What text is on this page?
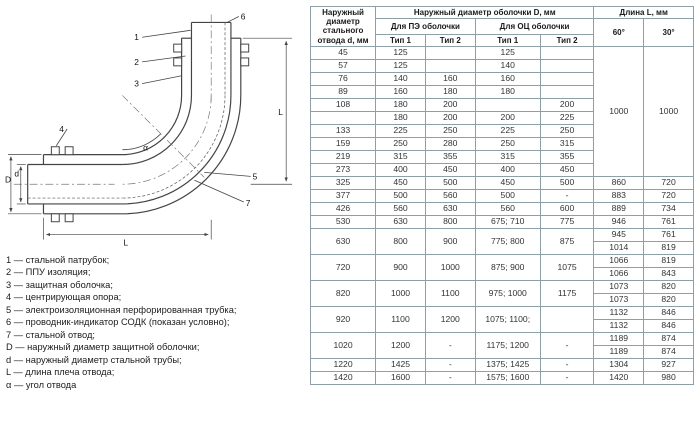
1
2
3
4
5
6
7
D
d
L
L
α
1 — стальной патрубок;
2 — ППУ изоляция;
3 — защитная оболочка;
4 — центрирующая опора;
5 — электроизоляционная перфорированная трубка;
6 — проводник-индикатор СОДК (показан условно);
7 — стальной отвод;
D — наружный диаметр защитной оболочки;
d — наружный диаметр стальной трубы;
L — длина плеча отвода;
α — угол отвода
Наружный диаметр стального отвода d, мм	Наружный диаметр оболочки D, мм				Длина L, мм	
	Для ПЭ оболочки		Для ОЦ оболочки		60°	30°
	Тип 1	Тип 2	Тип 1	Тип 2		
45	125		125		1000	1000
57	125		140			
76	140	160	160			
89	160	180	180			
108	180	200		200		
	180	200	200	225		
133	225	250	225	250		
159	250	280	250	315		
219	315	355	315	355		
273	400	450	400	450		
325	450	500	450	500	860	720
377	500	560	500	-	883	720
426	560	630	560	600	889	734
530	630	800	675; 710	775	946	761
630	800	900	775; 800	875	945	761
					1014	819
720	900	1000	875; 900	1075	1066	819
					1066	843
820	1000	1100	975; 1000	1175	1073	820
					1073	820
920	1100	1200	1075; 1100;		1132	846
					1132	846
1020	1200	-	1175; 1200	-	1189	874
					1189	874
1220	1425	-	1375; 1425	-	1304	927
1420	1600	-	1575; 1600	-	1420	980
